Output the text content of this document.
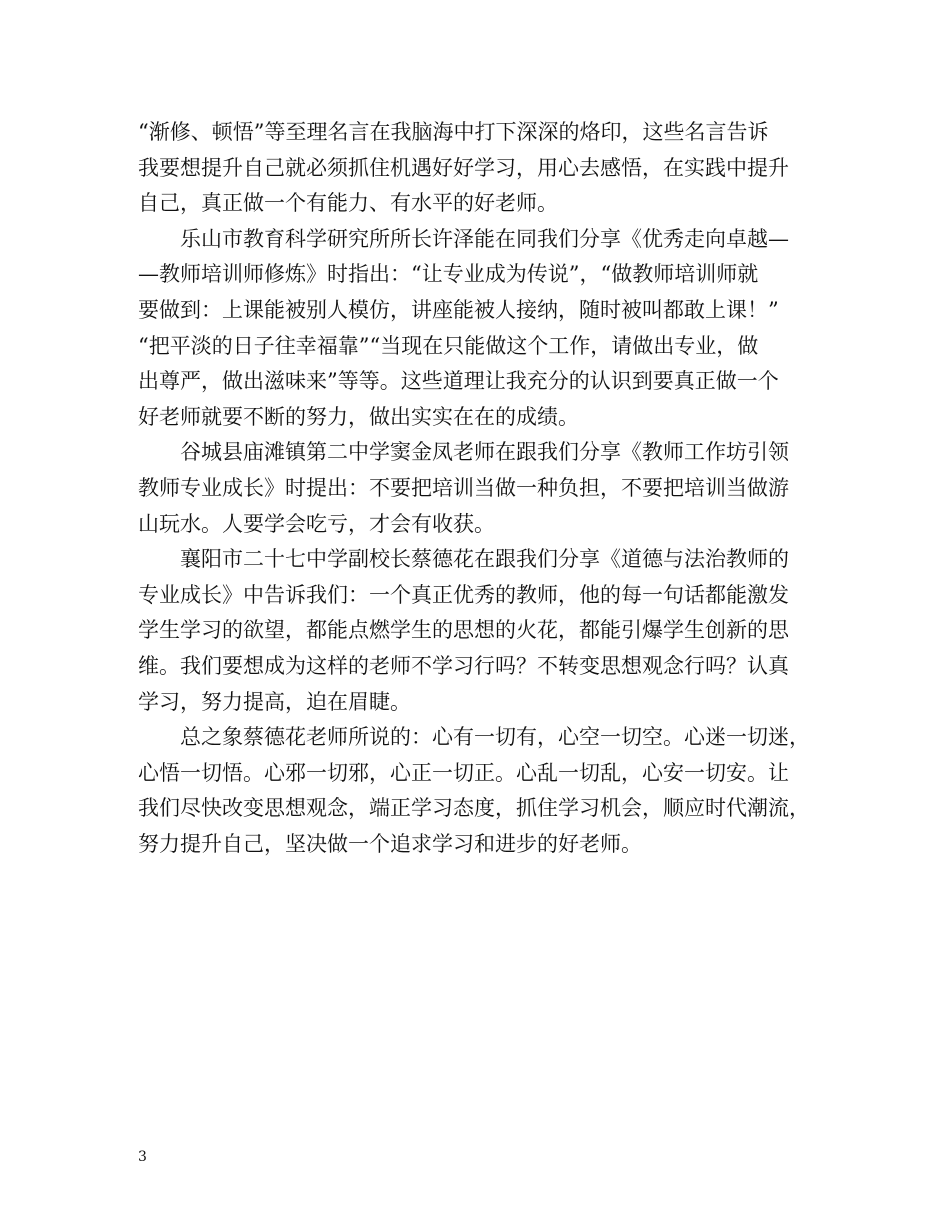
“渐修、顿悟”等至理名言在我脑海中打下深深的烙印，这些名言告诉
我要想提升自己就必须抓住机遇好好学习，用心去感悟，在实践中提升
自己，真正做一个有能力、有水平的好老师。
　　乐山市教育科学研究所所长许泽能在同我们分享《优秀走向卓越—
—教师培训师修炼》时指出：“让专业成为传说”，“做教师培训师就
要做到：上课能被别人模仿，讲座能被人接纳，随时被叫都敢上课！”
“把平淡的日子往幸福靠”“当现在只能做这个工作，请做出专业，做
出尊严，做出滋味来”等等。这些道理让我充分的认识到要真正做一个
好老师就要不断的努力，做出实实在在的成绩。
　　谷城县庙滩镇第二中学窦金凤老师在跟我们分享《教师工作坊引领
教师专业成长》时提出：不要把培训当做一种负担，不要把培训当做游
山玩水。人要学会吃亏，才会有收获。
　　襄阳市二十七中学副校长蔡德花在跟我们分享《道德与法治教师的
专业成长》中告诉我们：一个真正优秀的教师，他的每一句话都能激发
学生学习的欲望，都能点燃学生的思想的火花，都能引爆学生创新的思
维。我们要想成为这样的老师不学习行吗？不转变思想观念行吗？认真
学习，努力提高，迫在眉睫。
　　总之象蔡德花老师所说的：心有一切有，心空一切空。心迷一切迷，
心悟一切悟。心邪一切邪，心正一切正。心乱一切乱，心安一切安。让
我们尽快改变思想观念，端正学习态度，抓住学习机会，顺应时代潮流，
努力提升自己，坚决做一个追求学习和进步的好老师。
3
